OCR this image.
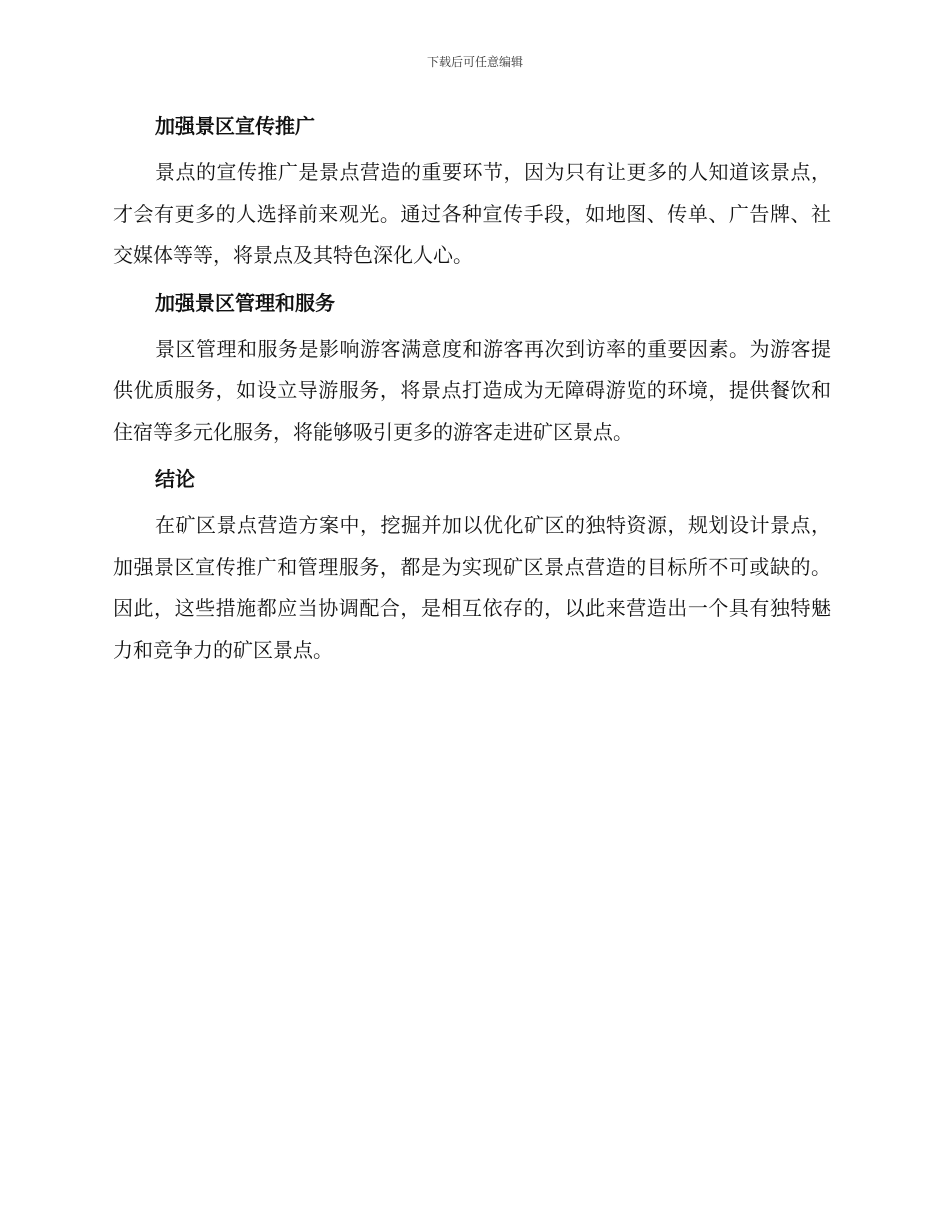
下载后可任意编辑
加强景区宣传推广

景点的宣传推广是景点营造的重要环节，因为只有让更多的人知道该景点，才会有更多的人选择前来观光。通过各种宣传手段，如地图、传单、广告牌、社交媒体等等，将景点及其特色深化人心。

加强景区管理和服务

景区管理和服务是影响游客满意度和游客再次到访率的重要因素。为游客提供优质服务，如设立导游服务，将景点打造成为无障碍游览的环境，提供餐饮和住宿等多元化服务，将能够吸引更多的游客走进矿区景点。

结论

在矿区景点营造方案中，挖掘并加以优化矿区的独特资源，规划设计景点，加强景区宣传推广和管理服务，都是为实现矿区景点营造的目标所不可或缺的。因此，这些措施都应当协调配合，是相互依存的，以此来营造出一个具有独特魅力和竞争力的矿区景点。
